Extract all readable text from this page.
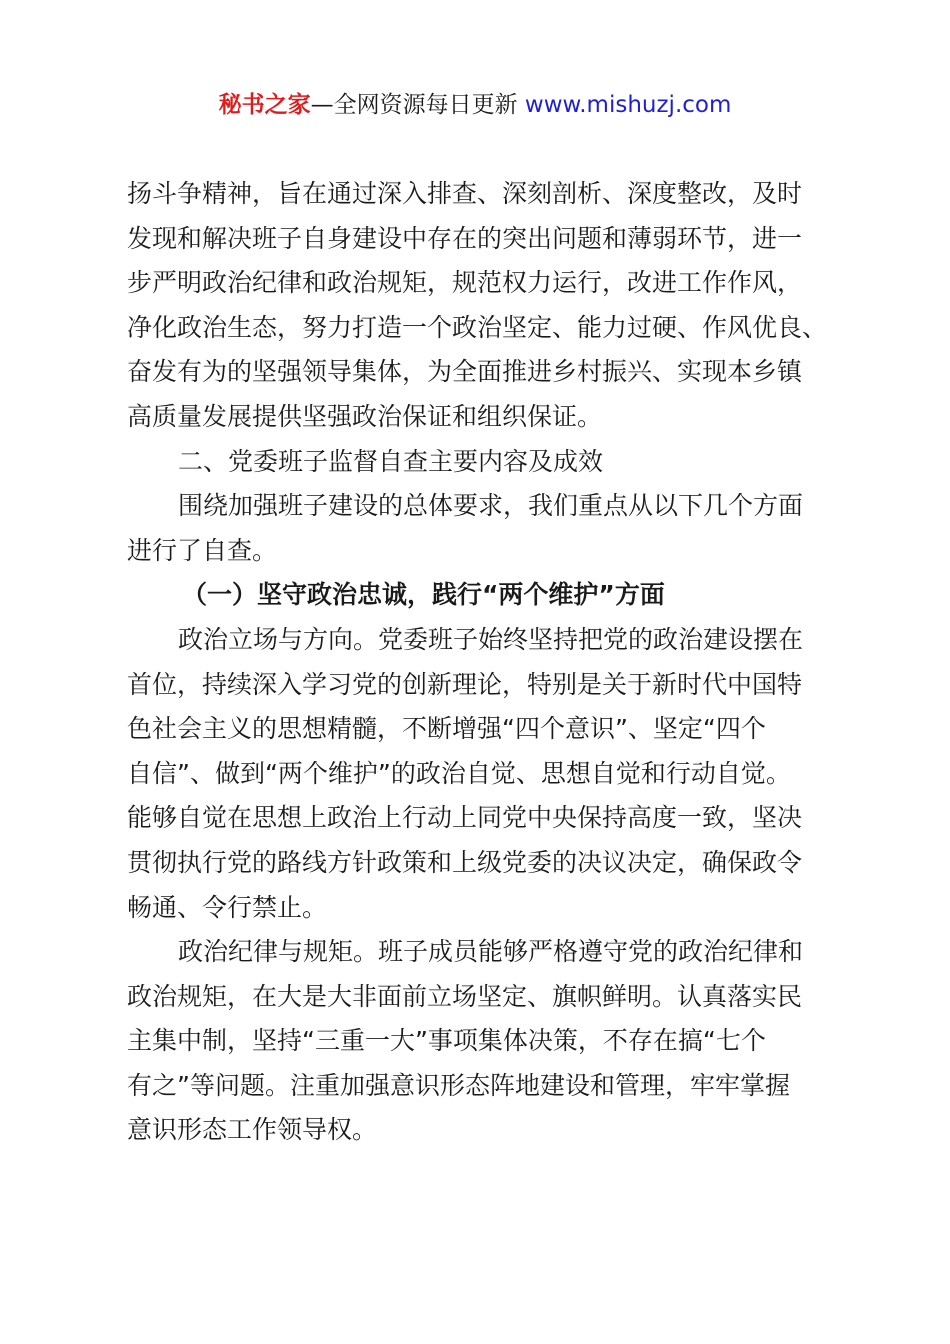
秘书之家—全网资源每日更新 www.mishuzj.com
扬斗争精神，旨在通过深入排查、深刻剖析、深度整改，及时
发现和解决班子自身建设中存在的突出问题和薄弱环节，进一
步严明政治纪律和政治规矩，规范权力运行，改进工作作风，
净化政治生态，努力打造一个政治坚定、能力过硬、作风优良、
奋发有为的坚强领导集体，为全面推进乡村振兴、实现本乡镇
高质量发展提供坚强政治保证和组织保证。
二、党委班子监督自查主要内容及成效
围绕加强班子建设的总体要求，我们重点从以下几个方面
进行了自查。
（一）坚守政治忠诚，践行“两个维护”方面
政治立场与方向。党委班子始终坚持把党的政治建设摆在
首位，持续深入学习党的创新理论，特别是关于新时代中国特
色社会主义的思想精髓，不断增强“四个意识”、坚定“四个
自信”、做到“两个维护”的政治自觉、思想自觉和行动自觉。
能够自觉在思想上政治上行动上同党中央保持高度一致，坚决
贯彻执行党的路线方针政策和上级党委的决议决定，确保政令
畅通、令行禁止。
政治纪律与规矩。班子成员能够严格遵守党的政治纪律和
政治规矩，在大是大非面前立场坚定、旗帜鲜明。认真落实民
主集中制，坚持“三重一大”事项集体决策，不存在搞“七个
有之”等问题。注重加强意识形态阵地建设和管理，牢牢掌握
意识形态工作领导权。
